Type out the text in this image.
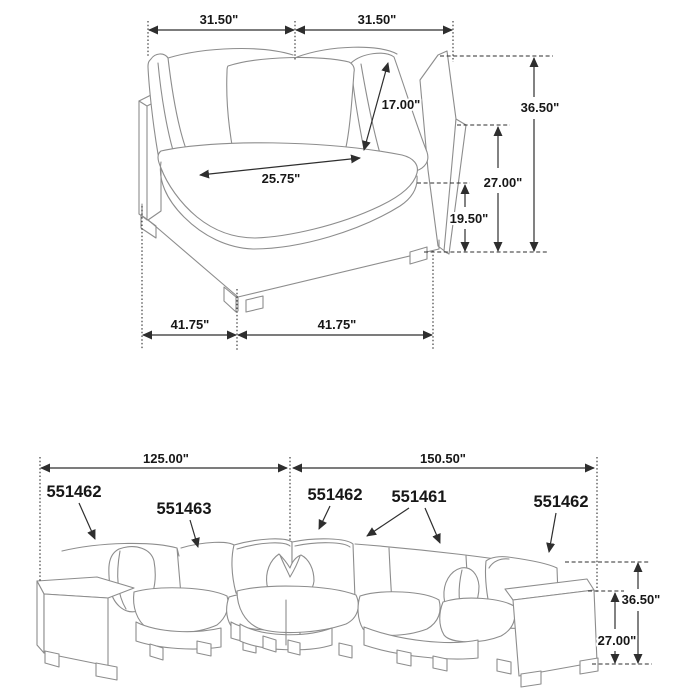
31.50"	31.50"
17.00"
25.75"
36.50"
27.00"
19.50"
41.75"	41.75"
125.00"	150.50"
551462
551463
551462 551461	551462
36.50"
27.00"
